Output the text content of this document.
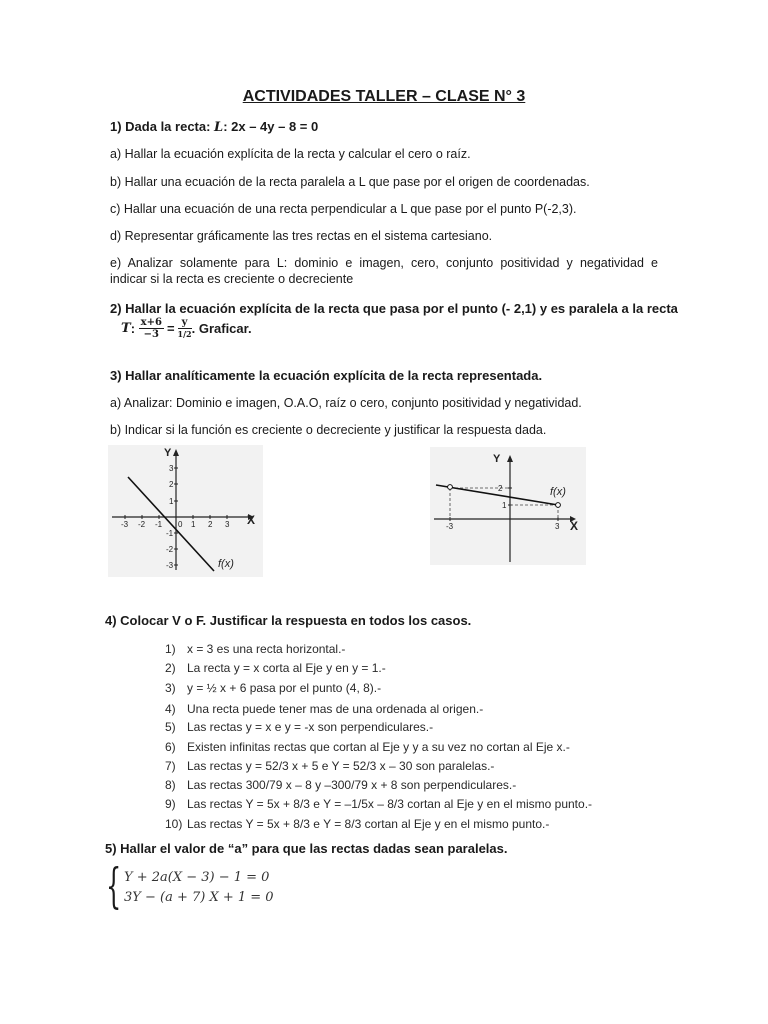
ACTIVIDADES TALLER – CLASE N° 3
1) Dada la recta: L: 2x – 4y – 8 = 0
a) Hallar la ecuación explícita de la recta y calcular el cero o raíz.
b) Hallar una ecuación de la recta paralela a L que pase por el origen de coordenadas.
c) Hallar una ecuación de una recta perpendicular a L que pase por el punto P(-2,3).
d) Representar gráficamente las tres rectas en el sistema cartesiano.
e) Analizar solamente para L: dominio e imagen, cero, conjunto positividad y negatividad e
indicar si la recta es creciente o decreciente
2) Hallar la ecuación explícita de la recta que pasa por el punto (- 2,1) y es paralela a la recta
T : $\frac{x+6}{-3} = \frac{y}{1/2}$ . Graficar.
3) Hallar analíticamente la ecuación explícita de la recta representada.
a) Analizar: Dominio e imagen, O.A.O, raíz o cero, conjunto positividad y negatividad.
b) Indicar si la función es creciente o decreciente y justificar la respuesta dada.
-3 -2 -1	1 2 3
3
2
1
-1
-2
-3
0	X
Y
f(x)
-3	3
2
1
X
Y
f(x)
4) Colocar V o F. Justificar la respuesta en todos los casos.
1) x = 3 es una recta horizontal.-
2) La recta y = x corta al Eje y en y = 1.-
3) y = ½ x + 6 pasa por el punto (4, 8).-
4) Una recta puede tener mas de una ordenada al origen.-
5) Las rectas y = x e y = -x son perpendiculares.-
6) Existen infinitas rectas que cortan al Eje y y a su vez no cortan al Eje x.-
7) Las rectas y = 52/3 x + 5 e Y = 52/3 x – 30 son paralelas.-
8) Las rectas 300/79 x – 8 y –300/79 x + 8 son perpendiculares.-
9) Las rectas Y = 5x + 8/3 e Y = –1/5x – 8/3 cortan al Eje y en el mismo punto.-
10) Las rectas Y = 5x + 8/3 e Y = 8/3 cortan al Eje y en el mismo punto.-
5) Hallar el valor de “a” para que las rectas dadas sean paralelas.
{ Y + 2a(X − 3) − 1 = 0
3Y − (a + 7) X + 1 = 0
